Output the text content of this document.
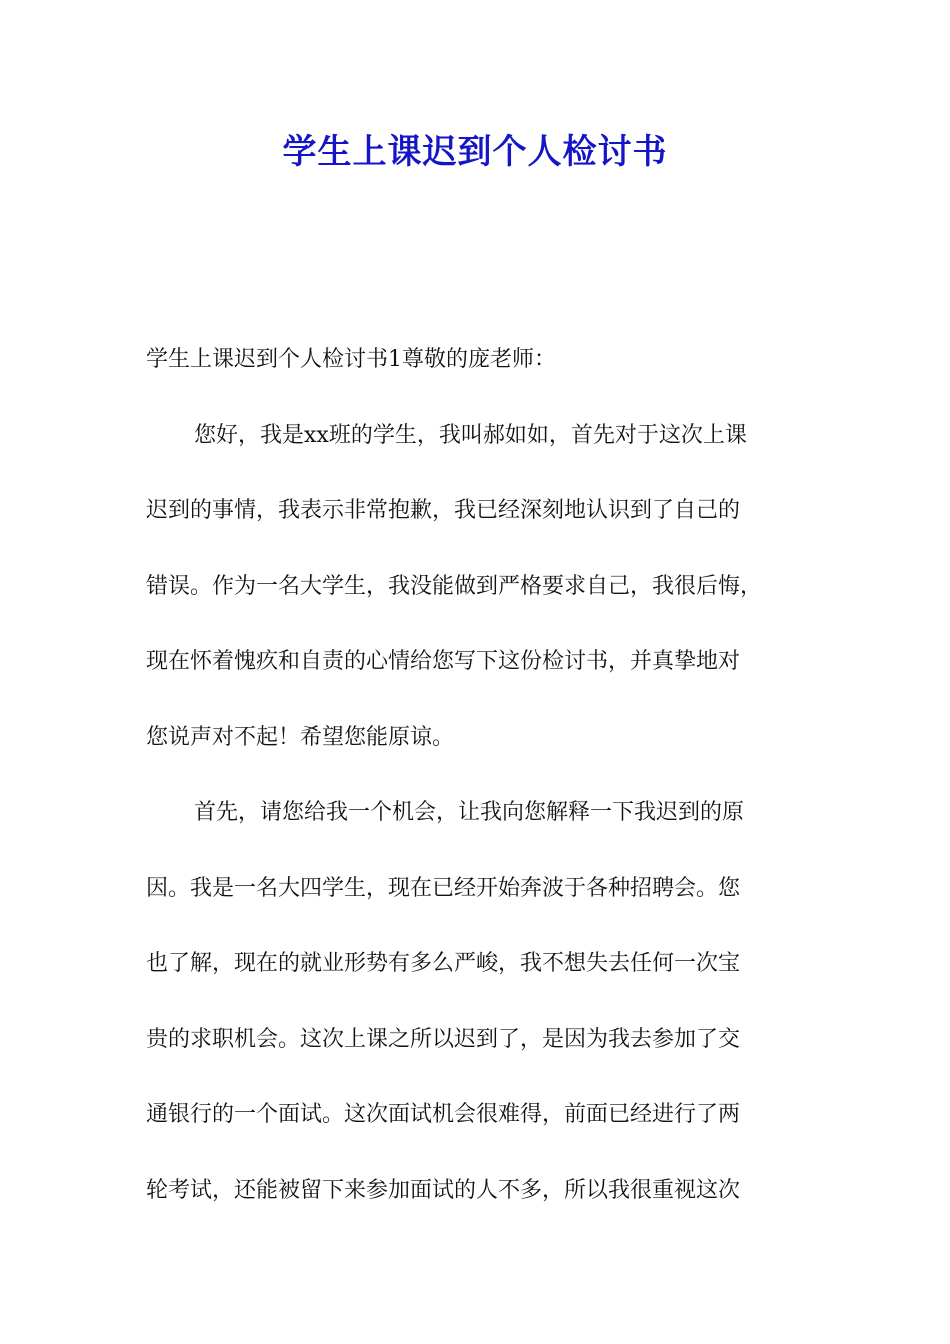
学生上课迟到个人检讨书
学生上课迟到个人检讨书1尊敬的庞老师：
您好，我是xx班的学生，我叫郝如如，首先对于这次上课
迟到的事情，我表示非常抱歉，我已经深刻地认识到了自己的
错误。作为一名大学生，我没能做到严格要求自己，我很后悔，
现在怀着愧疚和自责的心情给您写下这份检讨书，并真挚地对
您说声对不起！希望您能原谅。
首先，请您给我一个机会，让我向您解释一下我迟到的原
因。我是一名大四学生，现在已经开始奔波于各种招聘会。您
也了解，现在的就业形势有多么严峻，我不想失去任何一次宝
贵的求职机会。这次上课之所以迟到了，是因为我去参加了交
通银行的一个面试。这次面试机会很难得，前面已经进行了两
轮考试，还能被留下来参加面试的人不多，所以我很重视这次
